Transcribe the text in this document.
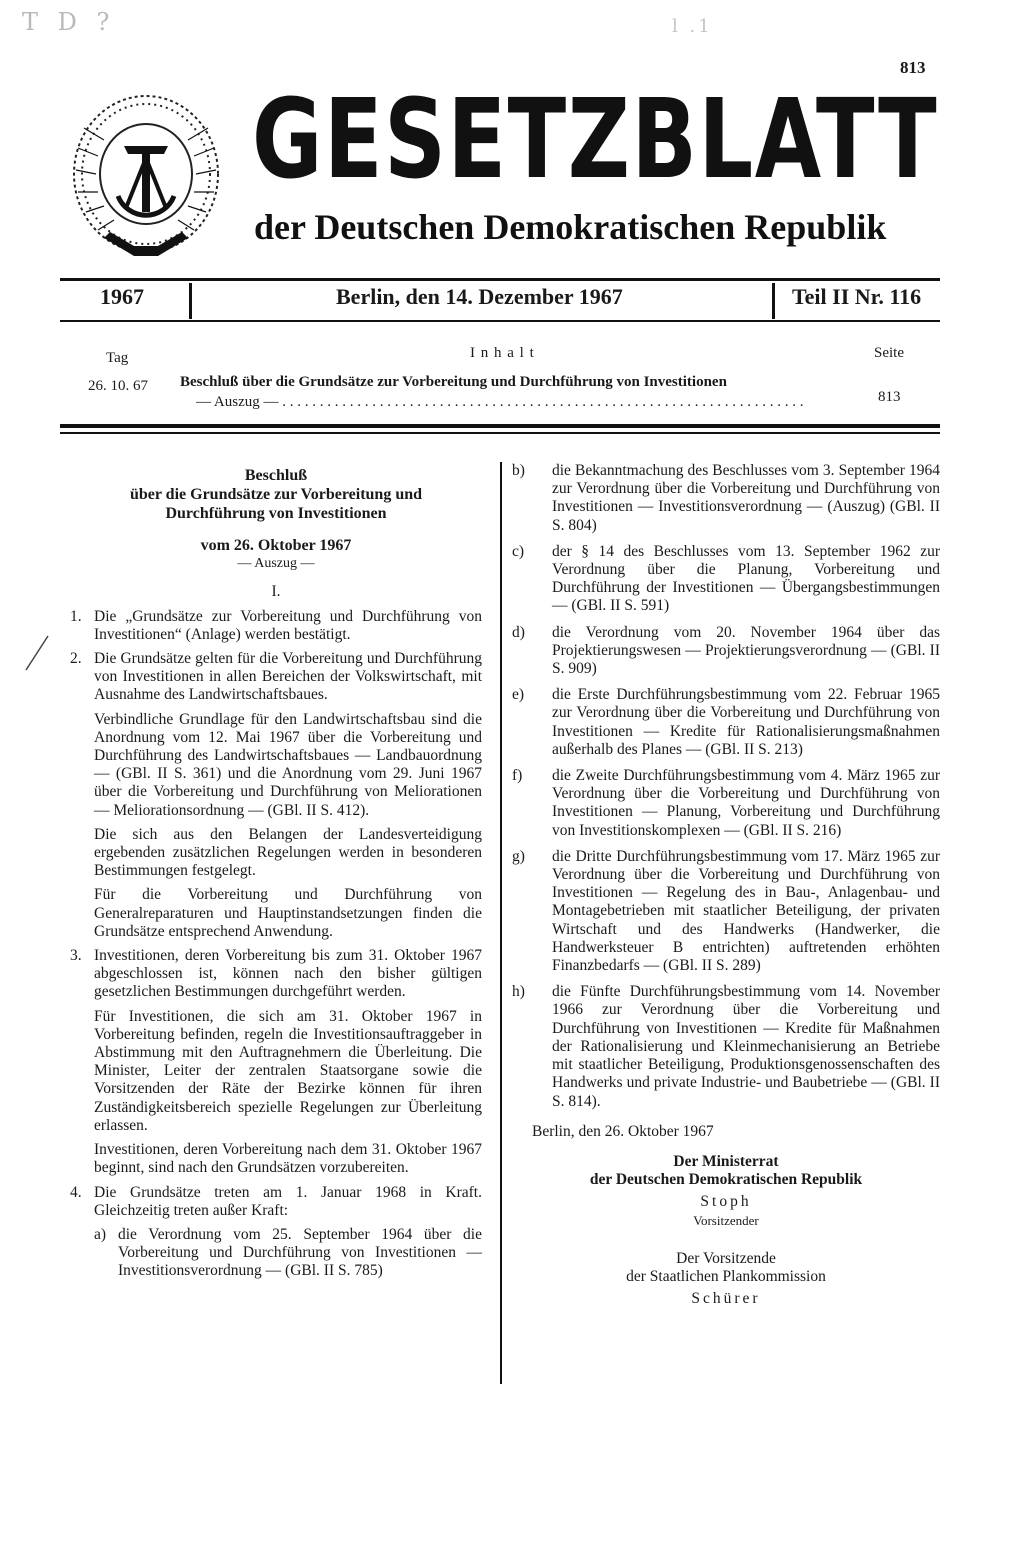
T D ?	l .1
813
GESETZBLATT
der Deutschen Demokratischen Republik
1967	Berlin, den 14. Dezember 1967	Teil II Nr. 116
Tag	I n h a l t	Seite
26. 10. 67 Beschluß über die Grundsätze zur Vorbereitung und Durchführung von Investitionen
— Auszug — . . . . . . . . . . . . . . . . . . . . . . . . . . . . . . . . . . . . . . . . . . . . . . . . . . . . . . . . . . . . . . . . . . . . . .	813
Beschluß
über die Grundsätze zur Vorbereitung und
Durchführung von Investitionen
vom 26. Oktober 1967
— Auszug —
I.
1. Die „Grundsätze zur Vorbereitung und Durchführung von Investitionen“ (Anlage) werden bestätigt.
2. Die Grundsätze gelten für die Vorbereitung und Durchführung von Investitionen in allen Bereichen der Volkswirtschaft, mit Ausnahme des Landwirtschaftsbaues.
Verbindliche Grundlage für den Landwirtschaftsbau sind die Anordnung vom 12. Mai 1967 über die Vorbereitung und Durchführung des Landwirtschaftsbaues — Landbauordnung — (GBl. II S. 361) und die Anordnung vom 29. Juni 1967 über die Vorbereitung und Durchführung von Meliorationen — Meliorationsordnung — (GBl. II S. 412).
Die sich aus den Belangen der Landesverteidigung ergebenden zusätzlichen Regelungen werden in besonderen Bestimmungen festgelegt.
Für die Vorbereitung und Durchführung von Generalreparaturen und Hauptinstandsetzungen finden die Grundsätze entsprechend Anwendung.
3. Investitionen, deren Vorbereitung bis zum 31. Oktober 1967 abgeschlossen ist, können nach den bisher gültigen gesetzlichen Bestimmungen durchgeführt werden.
Für Investitionen, die sich am 31. Oktober 1967 in Vorbereitung befinden, regeln die Investitionsauftraggeber in Abstimmung mit den Auftragnehmern die Überleitung. Die Minister, Leiter der zentralen Staatsorgane sowie die Vorsitzenden der Räte der Bezirke können für ihren Zuständigkeitsbereich spezielle Regelungen zur Überleitung erlassen.
Investitionen, deren Vorbereitung nach dem 31. Oktober 1967 beginnt, sind nach den Grundsätzen vorzubereiten.
4. Die Grundsätze treten am 1. Januar 1968 in Kraft. Gleichzeitig treten außer Kraft:
a) die Verordnung vom 25. September 1964 über die Vorbereitung und Durchführung von Investitionen — Investitionsverordnung — (GBl. II S. 785)
b) die Bekanntmachung des Beschlusses vom 3. September 1964 zur Verordnung über die Vorbereitung und Durchführung von Investitionen — Investitionsverordnung — (Auszug) (GBl. II S. 804)
c) der § 14 des Beschlusses vom 13. September 1962 zur Verordnung über die Planung, Vorbereitung und Durchführung der Investitionen — Übergangsbestimmungen — (GBl. II S. 591)
d) die Verordnung vom 20. November 1964 über das Projektierungswesen — Projektierungsverordnung — (GBl. II S. 909)
e) die Erste Durchführungsbestimmung vom 22. Februar 1965 zur Verordnung über die Vorbereitung und Durchführung von Investitionen — Kredite für Rationalisierungsmaßnahmen außerhalb des Planes — (GBl. II S. 213)
f) die Zweite Durchführungsbestimmung vom 4. März 1965 zur Verordnung über die Vorbereitung und Durchführung von Investitionen — Planung, Vorbereitung und Durchführung von Investitionskomplexen — (GBl. II S. 216)
g) die Dritte Durchführungsbestimmung vom 17. März 1965 zur Verordnung über die Vorbereitung und Durchführung von Investitionen — Regelung des in Bau-, Anlagenbau- und Montagebetrieben mit staatlicher Beteiligung, der privaten Wirtschaft und des Handwerks (Handwerker, die Handwerksteuer B entrichten) auftretenden erhöhten Finanzbedarfs — (GBl. II S. 289)
h) die Fünfte Durchführungsbestimmung vom 14. November 1966 zur Verordnung über die Vorbereitung und Durchführung von Investitionen — Kredite für Maßnahmen der Rationalisierung und Kleinmechanisierung an Betriebe mit staatlicher Beteiligung, Produktionsgenossenschaften des Handwerks und private Industrie- und Baubetriebe — (GBl. II S. 814).
Berlin, den 26. Oktober 1967
Der Ministerrat
der Deutschen Demokratischen Republik
Stoph
Vorsitzender
Der Vorsitzende
der Staatlichen Plankommission
Schürer
